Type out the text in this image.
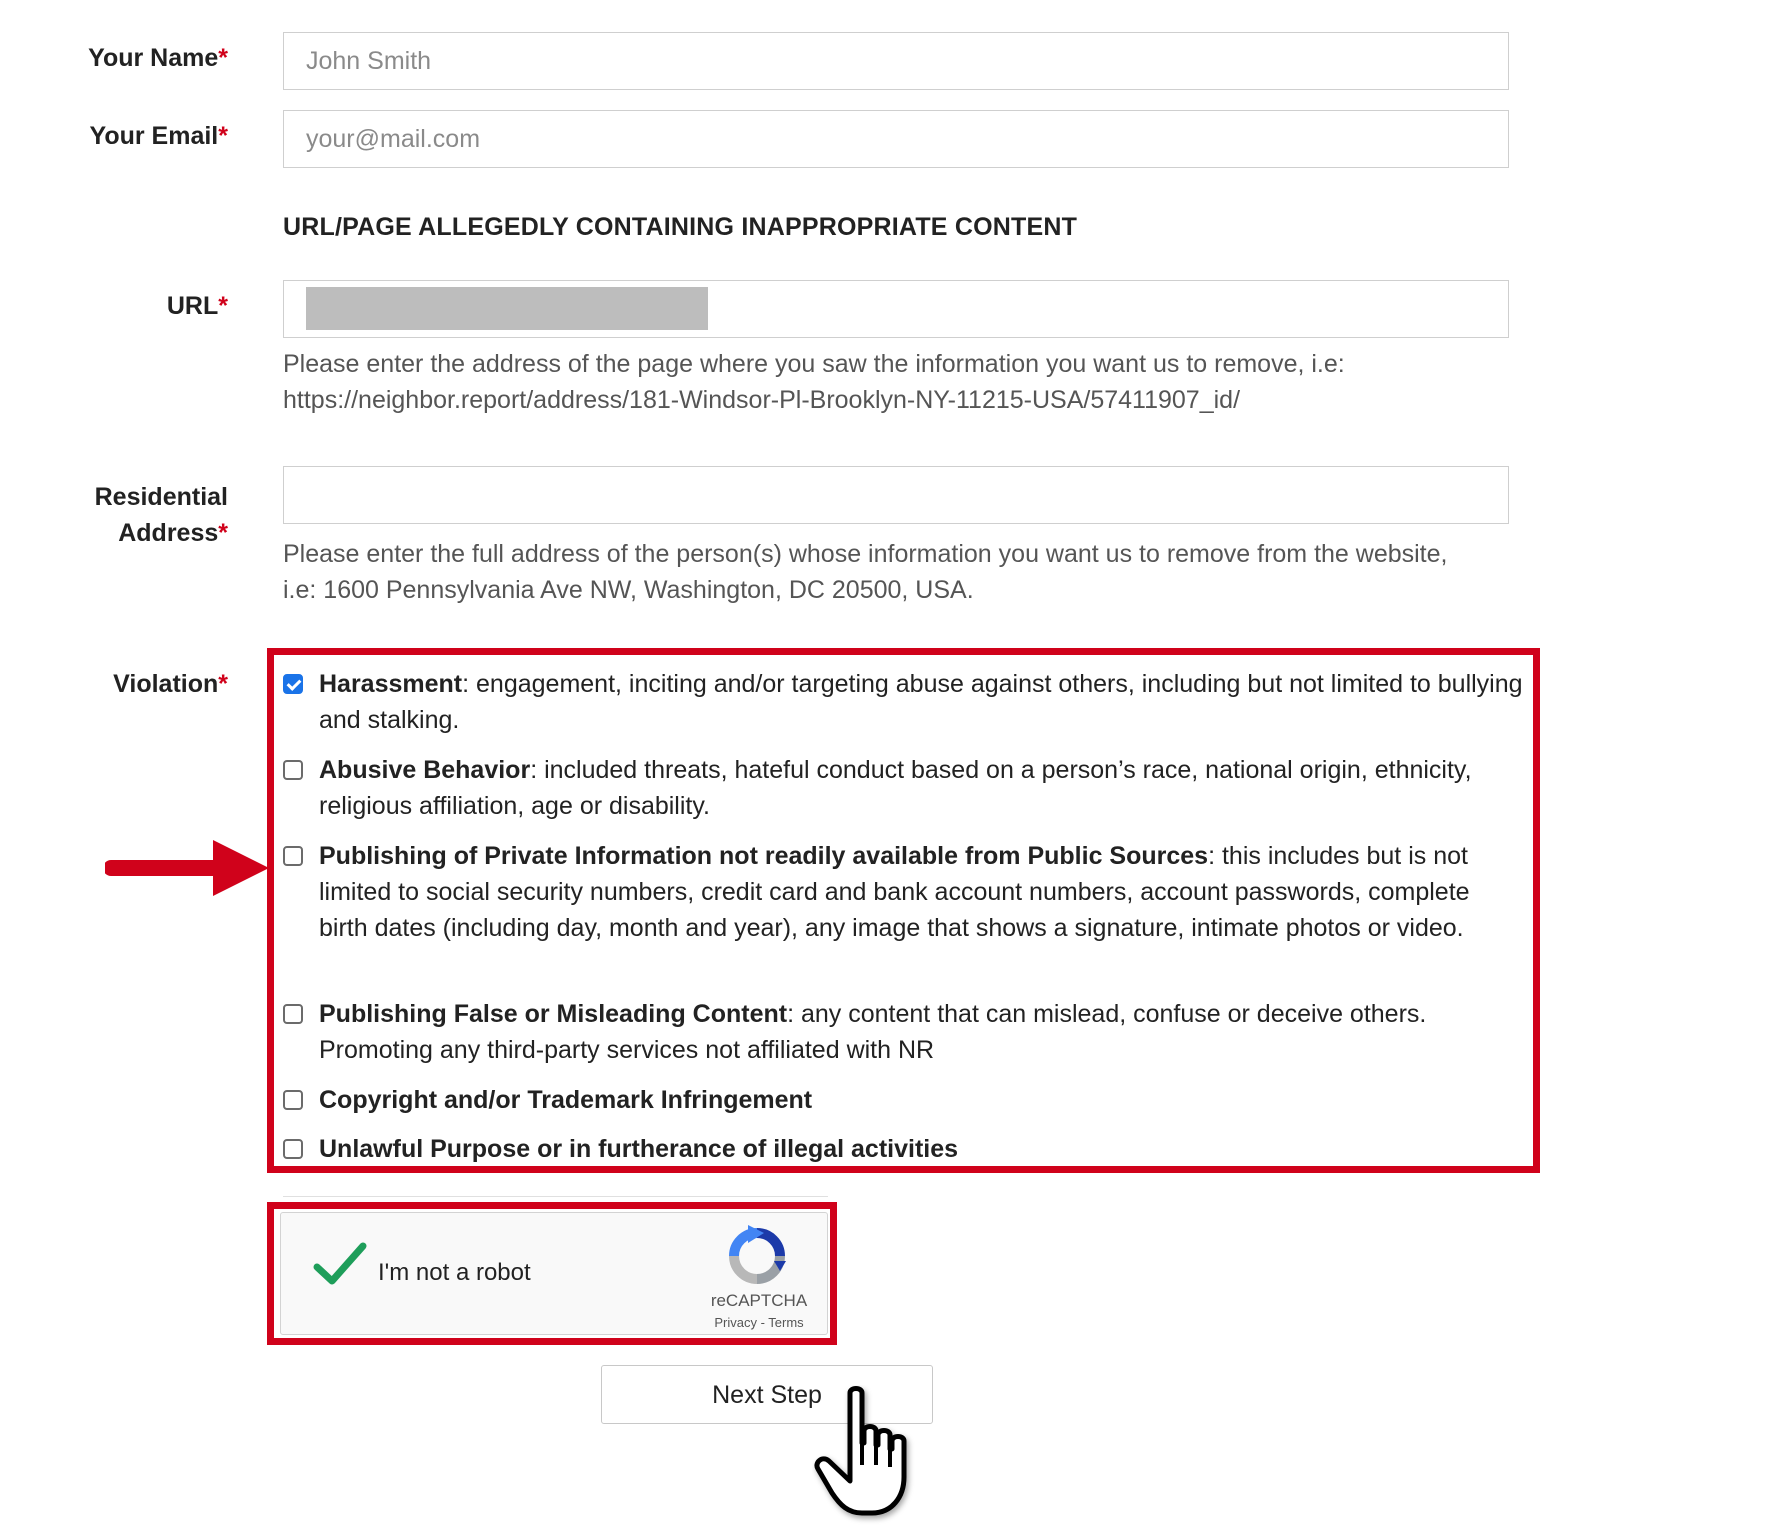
Your Name*
John Smith
Your Email*
your@mail.com
URL/PAGE ALLEGEDLY CONTAINING INAPPROPRIATE CONTENT
URL*
Please enter the address of the page where you saw the information you want us to remove, i.e:
https://neighbor.report/address/181-Windsor-Pl-Brooklyn-NY-11215-USA/57411907_id/
Residential
Address*
Please enter the full address of the person(s) whose information you want us to remove from the website,
i.e: 1600 Pennsylvania Ave NW, Washington, DC 20500, USA.
Violation*	Harassment: engagement, inciting and/or targeting abuse against others, including but not limited to bullying and stalking.
Abusive Behavior: included threats, hateful conduct based on a person’s race, national origin, ethnicity, religious affiliation, age or disability.
Publishing of Private Information not readily available from Public Sources: this includes but is not limited to social security numbers, credit card and bank account numbers, account passwords, complete birth dates (including day, month and year), any image that shows a signature, intimate photos or video.
Publishing False or Misleading Content: any content that can mislead, confuse or deceive others. Promoting any third-party services not affiliated with NR
Copyright and/or Trademark Infringement
Unlawful Purpose or in furtherance of illegal activities
I'm not a robot
reCAPTCHA
Privacy - Terms
Next Step
